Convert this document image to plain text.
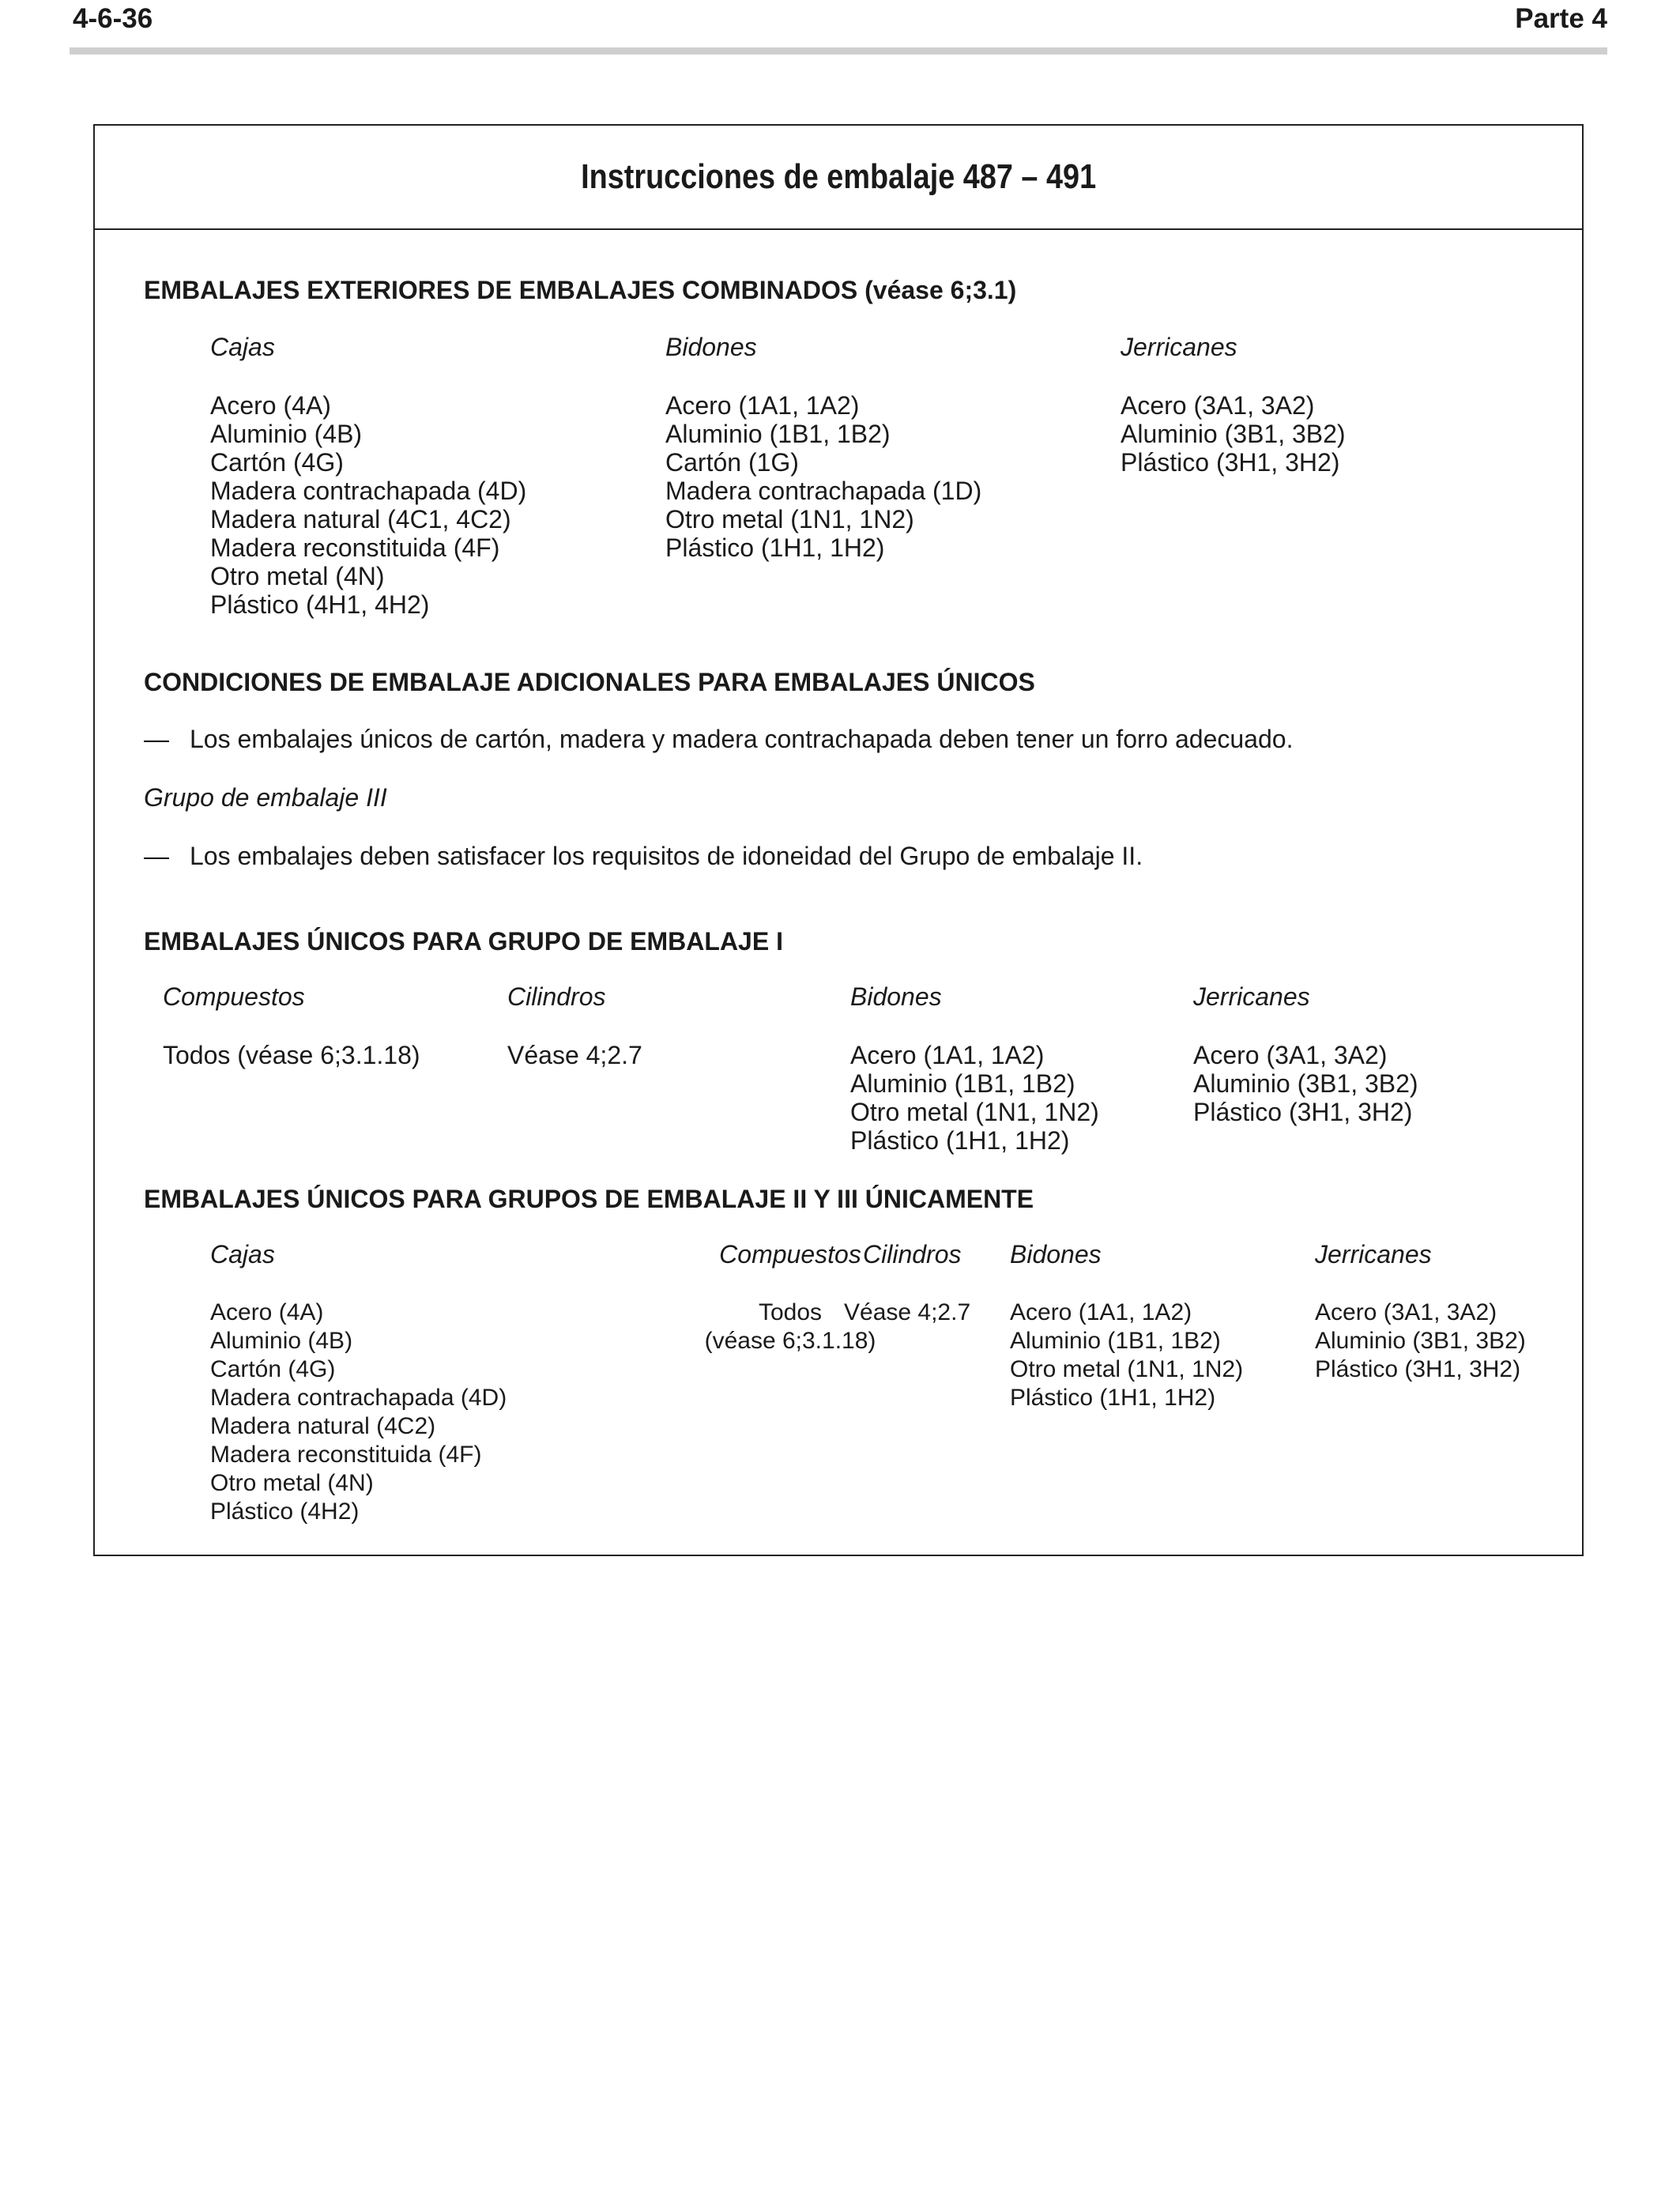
4-6-36	Parte 4
Instrucciones de embalaje 487 – 491
EMBALAJES EXTERIORES DE EMBALAJES COMBINADOS (véase 6;3.1)
Cajas
Acero (4A)
Aluminio (4B)
Cartón (4G)
Madera contrachapada (4D)
Madera natural (4C1, 4C2)
Madera reconstituida (4F)
Otro metal (4N)
Plástico (4H1, 4H2)
Bidones
Acero (1A1, 1A2)
Aluminio (1B1, 1B2)
Cartón (1G)
Madera contrachapada (1D)
Otro metal (1N1, 1N2)
Plástico (1H1, 1H2)
Jerricanes
Acero (3A1, 3A2)
Aluminio (3B1, 3B2)
Plástico (3H1, 3H2)
CONDICIONES DE EMBALAJE ADICIONALES PARA EMBALAJES ÚNICOS
— Los embalajes únicos de cartón, madera y madera contrachapada deben tener un forro adecuado.
Grupo de embalaje III
— Los embalajes deben satisfacer los requisitos de idoneidad del Grupo de embalaje II.
EMBALAJES ÚNICOS PARA GRUPO DE EMBALAJE I
Compuestos
Todos (véase 6;3.1.18)
Cilindros
Véase 4;2.7
Bidones
Acero (1A1, 1A2)
Aluminio (1B1, 1B2)
Otro metal (1N1, 1N2)
Plástico (1H1, 1H2)
Jerricanes
Acero (3A1, 3A2)
Aluminio (3B1, 3B2)
Plástico (3H1, 3H2)
EMBALAJES ÚNICOS PARA GRUPOS DE EMBALAJE II Y III ÚNICAMENTE
Cajas
Acero (4A)
Aluminio (4B)
Cartón (4G)
Madera contrachapada (4D)
Madera natural (4C2)
Madera reconstituida (4F)
Otro metal (4N)
Plástico (4H2)
Compuestos
Todos
(véase 6;3.1.18)
Cilindros
Véase 4;2.7
Bidones
Acero (1A1, 1A2)
Aluminio (1B1, 1B2)
Otro metal (1N1, 1N2)
Plástico (1H1, 1H2)
Jerricanes
Acero (3A1, 3A2)
Aluminio (3B1, 3B2)
Plástico (3H1, 3H2)
